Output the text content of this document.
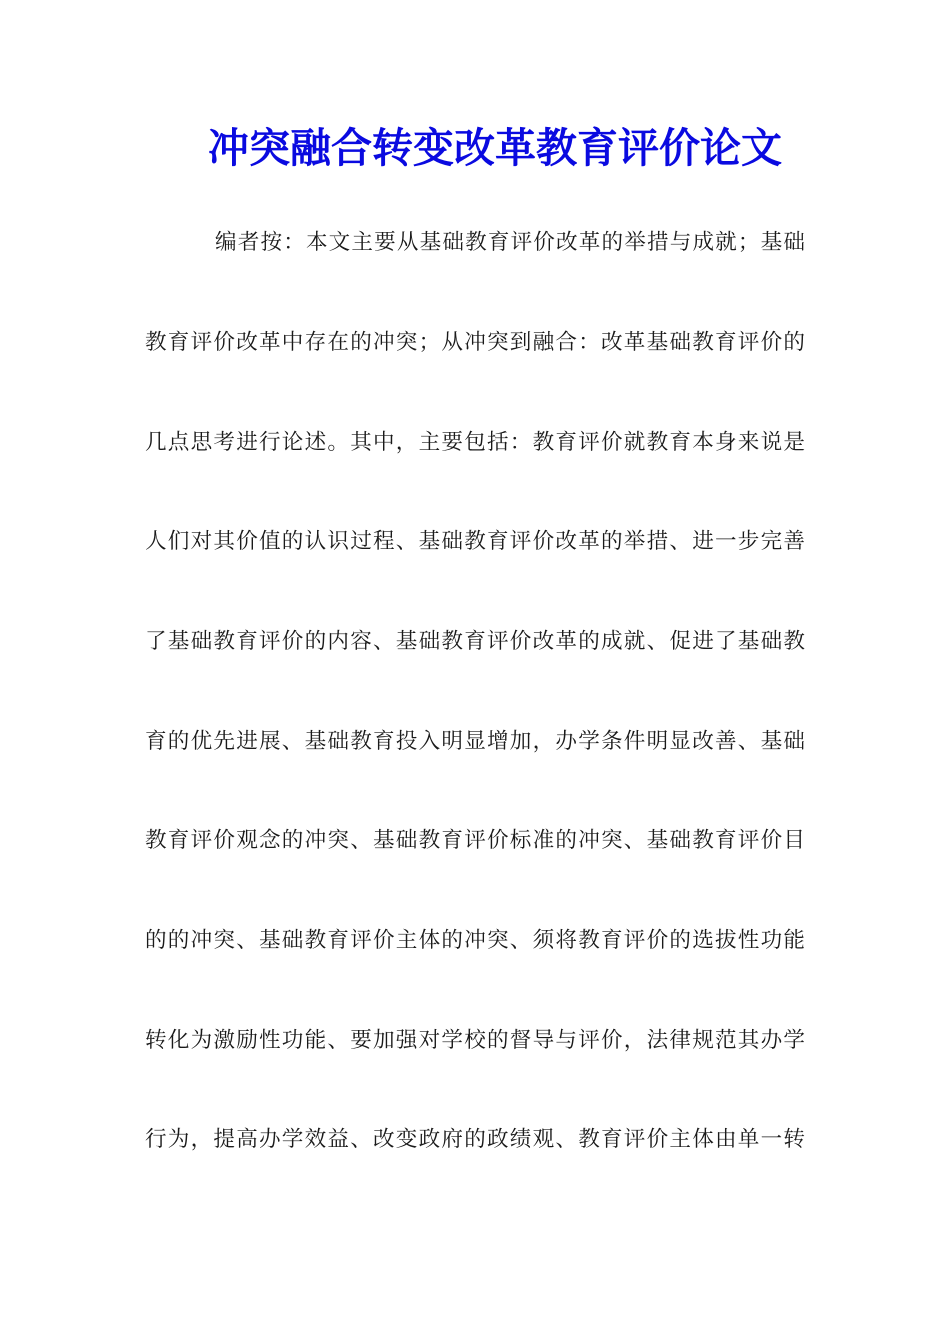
冲突融合转变改革教育评价论文
编者按：本文主要从基础教育评价改革的举措与成就；基础
教育评价改革中存在的冲突；从冲突到融合：改革基础教育评价的
几点思考进行论述。其中，主要包括：教育评价就教育本身来说是
人们对其价值的认识过程、基础教育评价改革的举措、进一步完善
了基础教育评价的内容、基础教育评价改革的成就、促进了基础教
育的优先进展、基础教育投入明显增加，办学条件明显改善、基础
教育评价观念的冲突、基础教育评价标准的冲突、基础教育评价目
的的冲突、基础教育评价主体的冲突、须将教育评价的选拔性功能
转化为激励性功能、要加强对学校的督导与评价，法律规范其办学
行为，提高办学效益、改变政府的政绩观、教育评价主体由单一转
